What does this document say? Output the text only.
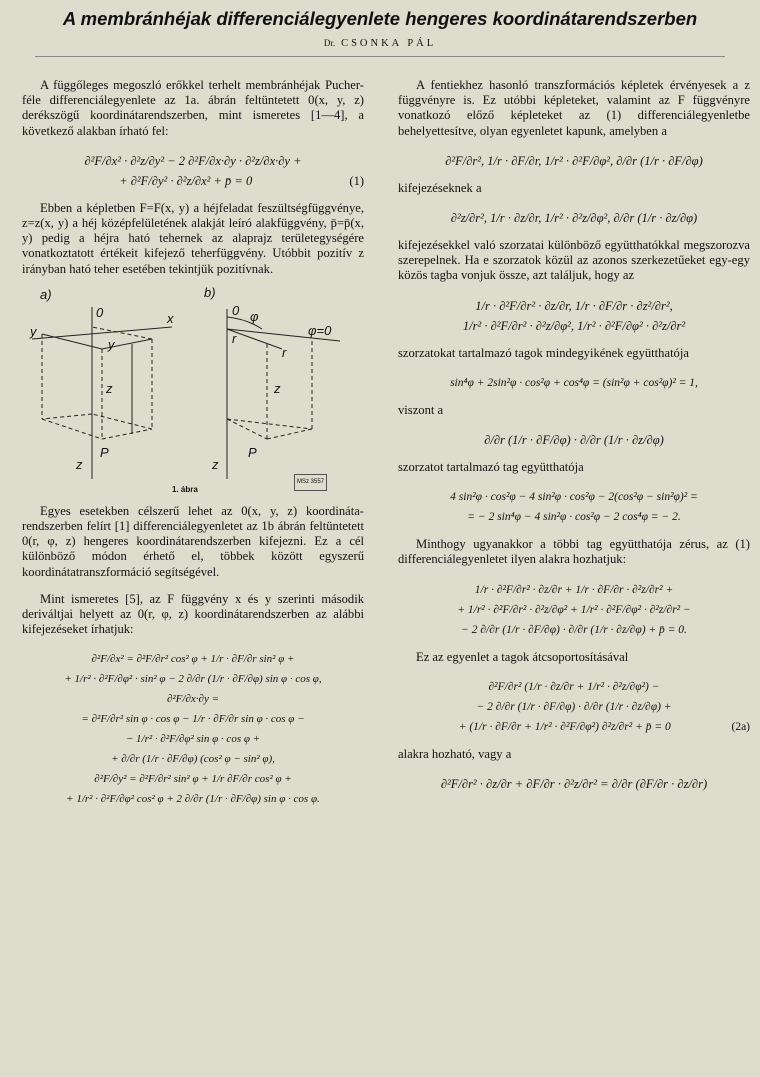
A membránhéjak differenciálegyenlete hengeres koordinátarendszerben
Dr. CSONKA PÁL

A függőleges megoszló erőkkel terhelt membránhéjak Pucher-féle differenciálegyenlete az 1a. ábrán feltüntetett 0(x, y, z) derékszögű koordinátarendszerben, mint ismeretes [1—4], a következő alakban írható fel:

∂²F/∂x² · ∂²z/∂y² − 2 ∂²F/∂x·∂y · ∂²z/∂x·∂y +
+ ∂²F/∂y² · ∂²z/∂x² + p̄ = 0	(1)

Ebben a képletben F=F(x, y) a héjfeladat feszültségfüggvénye, z=z(x, y) a héj középfelületének alakját leíró alakfüggvény, p̄=p̄(x, y) pedig a héjra ható tehernek az alaprajz területegységére vonatkoztatott értékeit kifejező teherfüggvény. Utóbbit pozitív z irányban ható teher esetében tekintjük pozitívnak.

a)	b)
0	x
y
y
z
z
P
0 φ
r
r
φ=0
z
z
P
MSz 3557
1. ábra

Egyes esetekben célszerű lehet az 0(x, y, z) koordináta-rendszerben felírt [1] differenciálegyenletet az 1b ábrán feltüntetett 0(r, φ, z) hengeres koordinátarendszerben kifejezni. Ez a cél különböző módon érhető el, többek között egyszerű koordinátatranszformáció segítségével.

Mint ismeretes [5], az F függvény x és y szerinti második deriváltjai helyett az 0(r, φ, z) koordinátarendszerben az alábbi kifejezéseket írhatjuk:

∂²F/∂x² = ∂²F/∂r² cos² φ + 1/r · ∂F/∂r sin² φ +
+ 1/r² · ∂²F/∂φ² · sin² φ − 2 ∂/∂r (1/r · ∂F/∂φ) sin φ · cos φ,
∂²F/∂x·∂y =
= ∂²F/∂r² sin φ · cos φ − 1/r · ∂F/∂r sin φ · cos φ −
− 1/r² · ∂²F/∂φ² sin φ · cos φ +
+ ∂/∂r (1/r · ∂F/∂φ) (cos² φ − sin² φ),
∂²F/∂y² = ∂²F/∂r² sin² φ + 1/r ∂F/∂r cos² φ +
+ 1/r² · ∂²F/∂φ² cos² φ + 2 ∂/∂r (1/r · ∂F/∂φ) sin φ · cos φ.

A fentiekhez hasonló transzformációs képletek érvényesek a z függvényre is. Ez utóbbi képleteket, valamint az F függvényre vonatkozó előző képleteket az (1) differenciálegyenletbe behelyettesítve, olyan egyenletet kapunk, amelyben a

∂²F/∂r², 1/r · ∂F/∂r, 1/r² · ∂²F/∂φ², ∂/∂r (1/r · ∂F/∂φ)

kifejezéseknek a

∂²z/∂r², 1/r · ∂z/∂r, 1/r² · ∂²z/∂φ², ∂/∂r (1/r · ∂z/∂φ)

kifejezésekkel való szorzatai különböző együtthatókkal megszorozva szerepelnek. Ha e szorzatok közül az azonos szerkezetűeket egy-egy közös tagba vonjuk össze, azt találjuk, hogy az

1/r · ∂²F/∂r² · ∂z/∂r, 1/r · ∂F/∂r · ∂z²/∂r²,
1/r² · ∂²F/∂r² · ∂²z/∂φ², 1/r² · ∂²F/∂φ² · ∂²z/∂r²

szorzatokat tartalmazó tagok mindegyikének együtthatója

sin⁴φ + 2sin²φ · cos²φ + cos⁴φ = (sin²φ + cos²φ)² = 1,

viszont a

∂/∂r (1/r · ∂F/∂φ) · ∂/∂r (1/r · ∂z/∂φ)

szorzatot tartalmazó tag együtthatója

4 sin²φ · cos²φ − 4 sin²φ · cos²φ − 2(cos²φ − sin²φ)² =
= − 2 sin⁴φ − 4 sin²φ · cos²φ − 2 cos⁴φ = − 2.

Minthogy ugyanakkor a többi tag együtthatója zérus, az (1) differenciálegyenletet ilyen alakra hozhatjuk:

1/r · ∂²F/∂r² · ∂z/∂r + 1/r · ∂F/∂r · ∂²z/∂r² +
+ 1/r² · ∂²F/∂r² · ∂²z/∂φ² + 1/r² · ∂²F/∂φ² · ∂²z/∂r² −
− 2 ∂/∂r (1/r · ∂F/∂φ) · ∂/∂r (1/r · ∂z/∂φ) + p̄ = 0.

Ez az egyenlet a tagok átcsoportosításával

∂²F/∂r² (1/r · ∂z/∂r + 1/r² · ∂²z/∂φ²) −
− 2 ∂/∂r (1/r · ∂F/∂φ) · ∂/∂r (1/r · ∂z/∂φ) +
+ (1/r · ∂F/∂r + 1/r² · ∂²F/∂φ²) ∂²z/∂r² + p̄ = 0	(2a)

alakra hozható, vagy a

∂²F/∂r² · ∂z/∂r + ∂F/∂r · ∂²z/∂r² = ∂/∂r (∂F/∂r · ∂z/∂r)
